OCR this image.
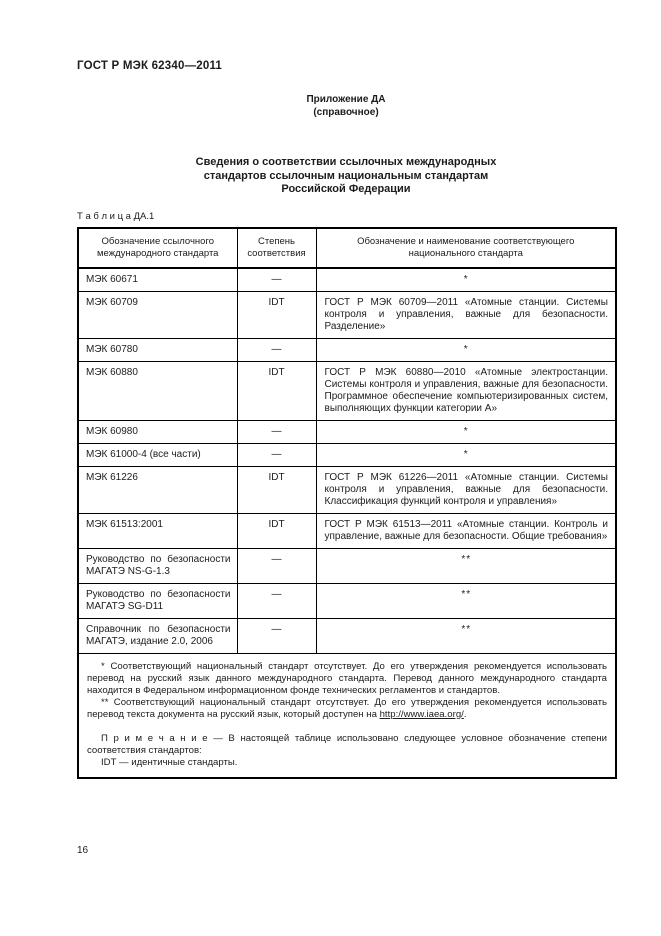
ГОСТ Р МЭК 62340—2011
Приложение ДА
(справочное)
Сведения о соответствии ссылочных международных
стандартов ссылочным национальным стандартам
Российской Федерации
Т а б л и ц а ДА.1
Обозначение ссылочного международного стандарта	Степень соответствия	Обозначение и наименование соответствующего национального стандарта
МЭК 60671	—	*
МЭК 60709	IDT	ГОСТ Р МЭК 60709—2011 «Атомные станции. Системы контроля и управления, важные для безопасности. Разделение»
МЭК 60780	—	*
МЭК 60880	IDT	ГОСТ Р МЭК 60880—2010 «Атомные электростанции. Системы контроля и управления, важные для безопасности. Программное обеспечение компьютеризированных систем, выполняющих функции категории А»
МЭК 60980	—	*
МЭК 61000-4 (все части)	—	*
МЭК 61226	IDT	ГОСТ Р МЭК 61226—2011 «Атомные станции. Системы контроля и управления, важные для безопасности. Классификация функций контроля и управления»
МЭК 61513:2001	IDT	ГОСТ Р МЭК 61513—2011 «Атомные станции. Контроль и управление, важные для безопасности. Общие требования»
Руководство по безопасности МАГАТЭ NS-G-1.3	—	**
Руководство по безопасности МАГАТЭ SG-D11	—	**
Справочник по безопасности МАГАТЭ, издание 2.0, 2006	—	**

* Соответствующий национальный стандарт отсутствует. До его утверждения рекомендуется использовать перевод на русский язык данного международного стандарта. Перевод данного международного стандарта находится в Федеральном информационном фонде технических регламентов и стандартов.

** Соответствующий национальный стандарт отсутствует. До его утверждения рекомендуется использовать перевод текста документа на русский язык, который доступен на http://www.iaea.org/.

П р и м е ч а н и е — В настоящей таблице использовано следующее условное обозначение степени соответствия стандартов:

IDT — идентичные стандарты.		

16
